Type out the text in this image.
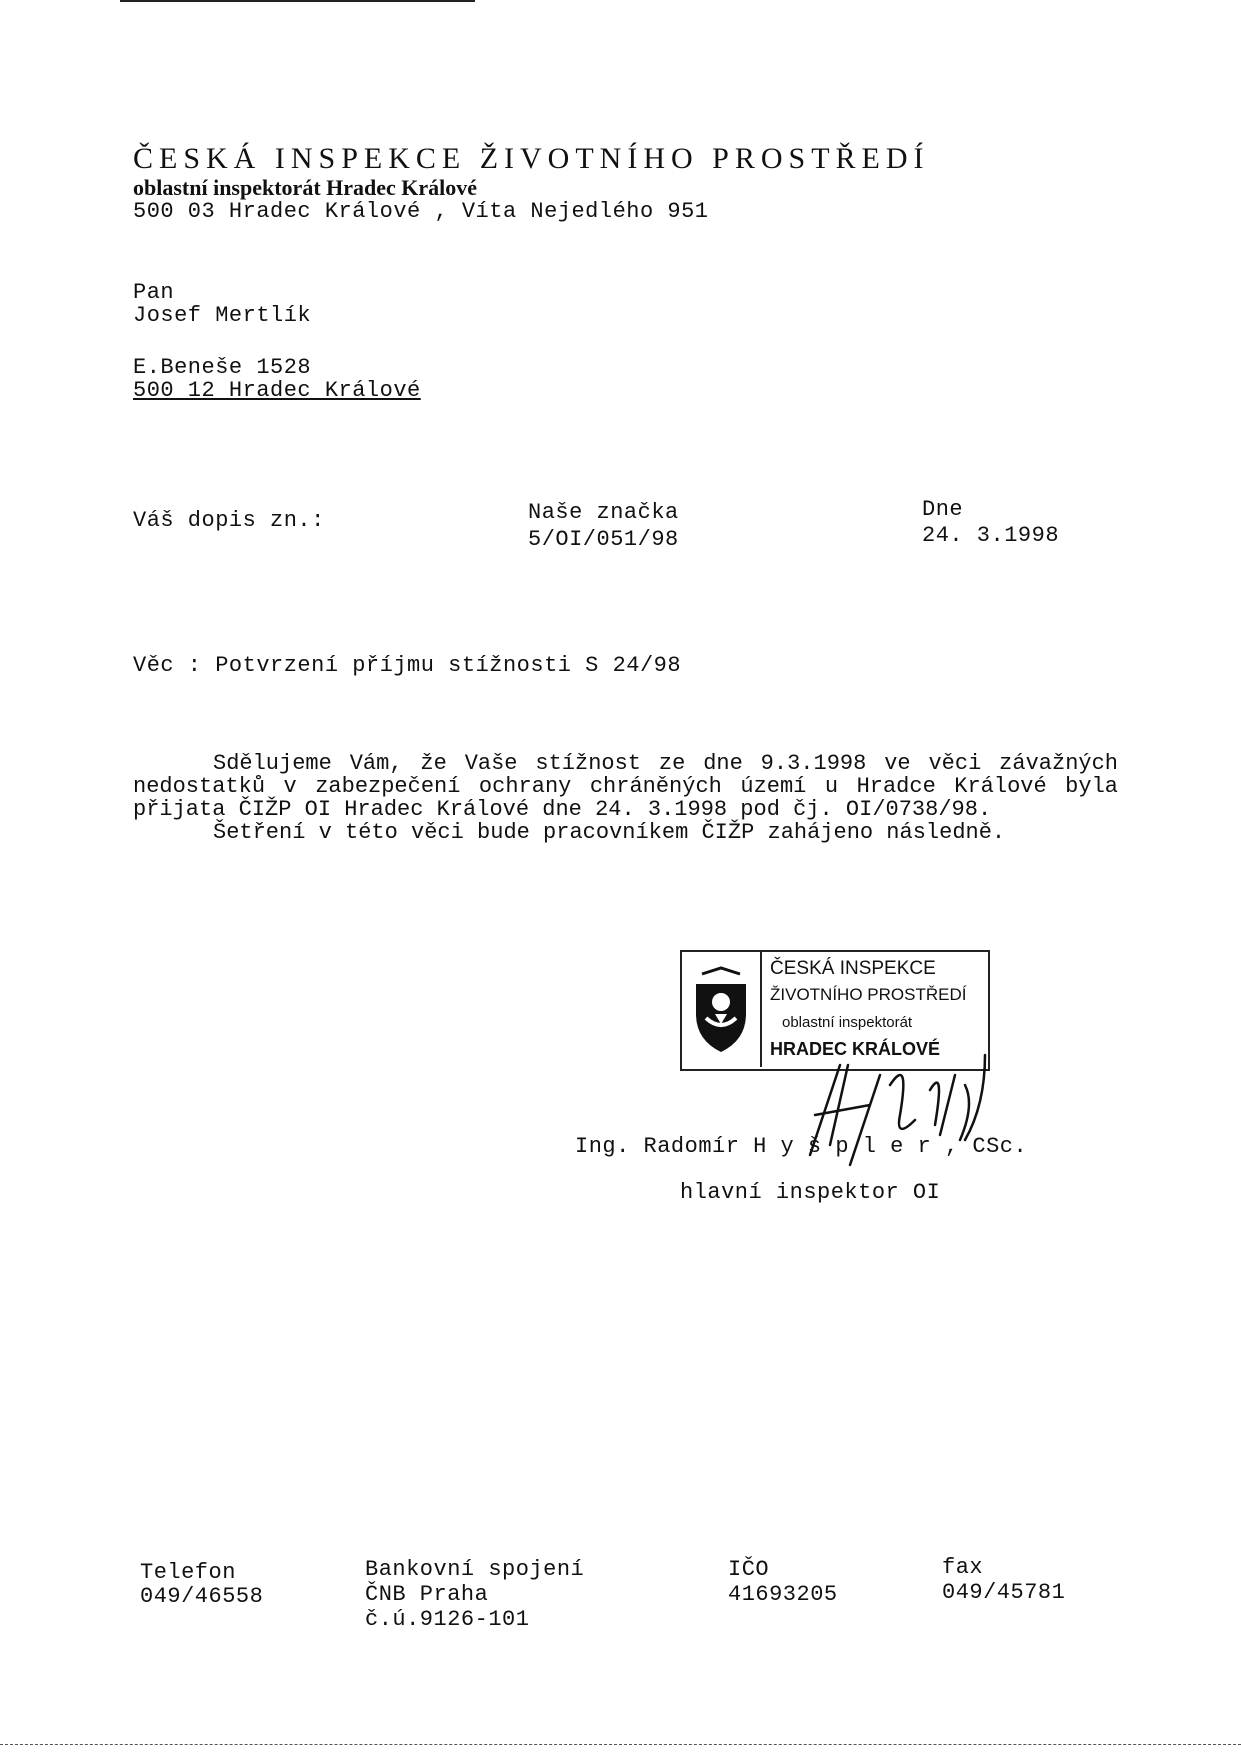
ČESKÁ INSPEKCE ŽIVOTNÍHO PROSTŘEDÍ
oblastní inspektorát Hradec Králové
500 03 Hradec Králové , Víta Nejedlého 951
Pan
Josef Mertlík
E.Beneše 1528
500 12 Hradec Králové
Váš dopis zn.:	Naše značka
5/OI/051/98
Dne
24. 3.1998
Věc : Potvrzení příjmu stížnosti S 24/98

Sdělujeme Vám, že Vaše stížnost ze dne 9.3.1998 ve věci závažných nedostatků v zabezpečení ochrany chráněných území u Hradce Králové byla přijata ČIŽP OI Hradec Králové dne 24. 3.1998 pod čj. OI/0738/98.

Šetření v této věci bude pracovníkem ČIŽP zahájeno následně.

ČESKÁ INSPEKCE
ŽIVOTNÍHO PROSTŘEDÍ
oblastní inspektorát
HRADEC KRÁLOVÉ
Ing. Radomír H y š p l e r , CSc.
hlavní inspektor OI
Telefon
049/46558
Bankovní spojení
ČNB Praha
č.ú.9126-101
IČO
41693205
fax
049/45781
